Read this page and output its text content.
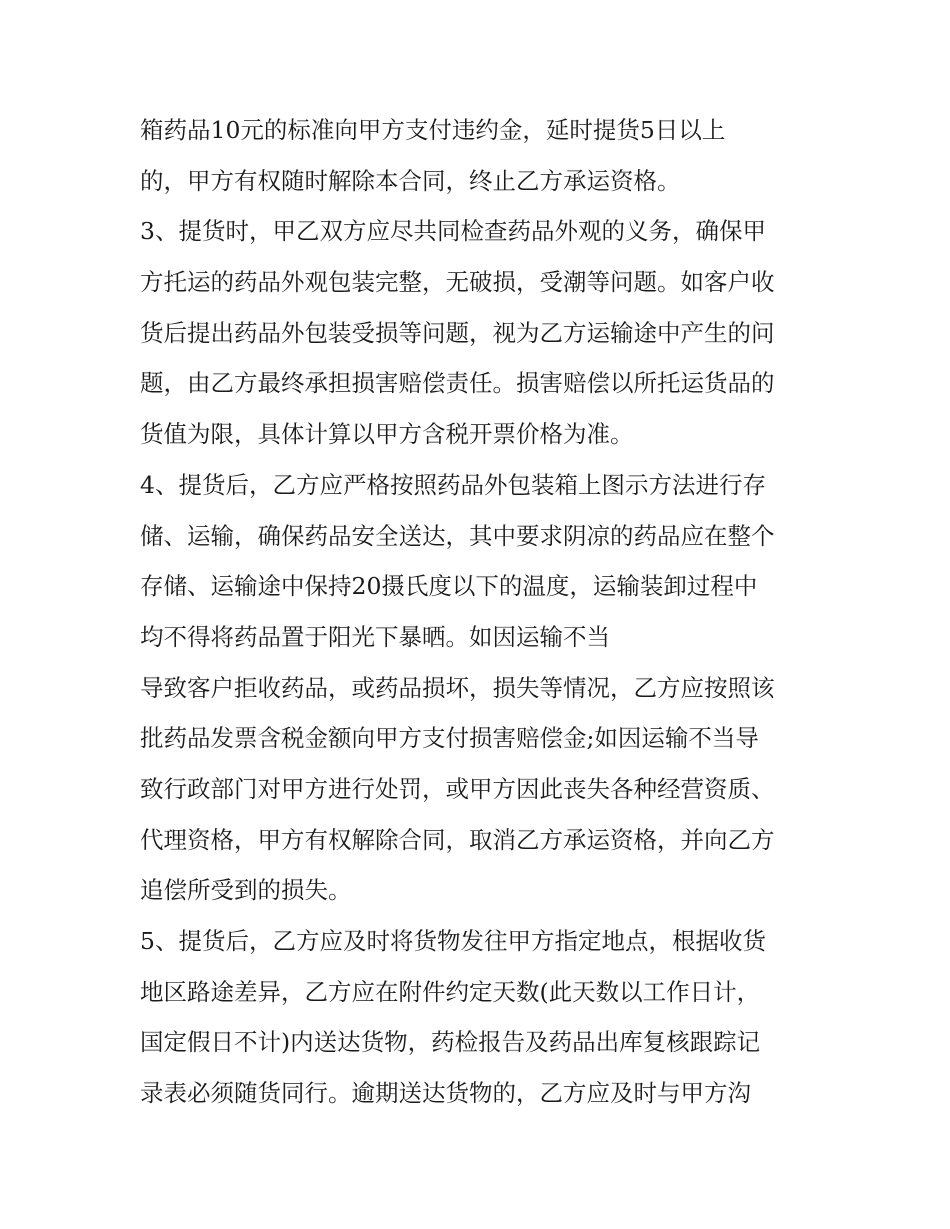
箱药品10元的标准向甲方支付违约金，延时提货5日以上
的，甲方有权随时解除本合同，终止乙方承运资格。
3、提货时，甲乙双方应尽共同检查药品外观的义务，确保甲
方托运的药品外观包装完整，无破损，受潮等问题。如客户收
货后提出药品外包装受损等问题，视为乙方运输途中产生的问
题，由乙方最终承担损害赔偿责任。损害赔偿以所托运货品的
货值为限，具体计算以甲方含税开票价格为准。
4、提货后，乙方应严格按照药品外包装箱上图示方法进行存
储、运输，确保药品安全送达，其中要求阴凉的药品应在整个
存储、运输途中保持20摄氏度以下的温度，运输装卸过程中
均不得将药品置于阳光下暴晒。如因运输不当
导致客户拒收药品，或药品损坏，损失等情况，乙方应按照该
批药品发票含税金额向甲方支付损害赔偿金;如因运输不当导
致行政部门对甲方进行处罚，或甲方因此丧失各种经营资质、
代理资格，甲方有权解除合同，取消乙方承运资格，并向乙方
追偿所受到的损失。
5、提货后，乙方应及时将货物发往甲方指定地点，根据收货
地区路途差异，乙方应在附件约定天数(此天数以工作日计，
国定假日不计)内送达货物，药检报告及药品出库复核跟踪记
录表必须随货同行。逾期送达货物的，乙方应及时与甲方沟
